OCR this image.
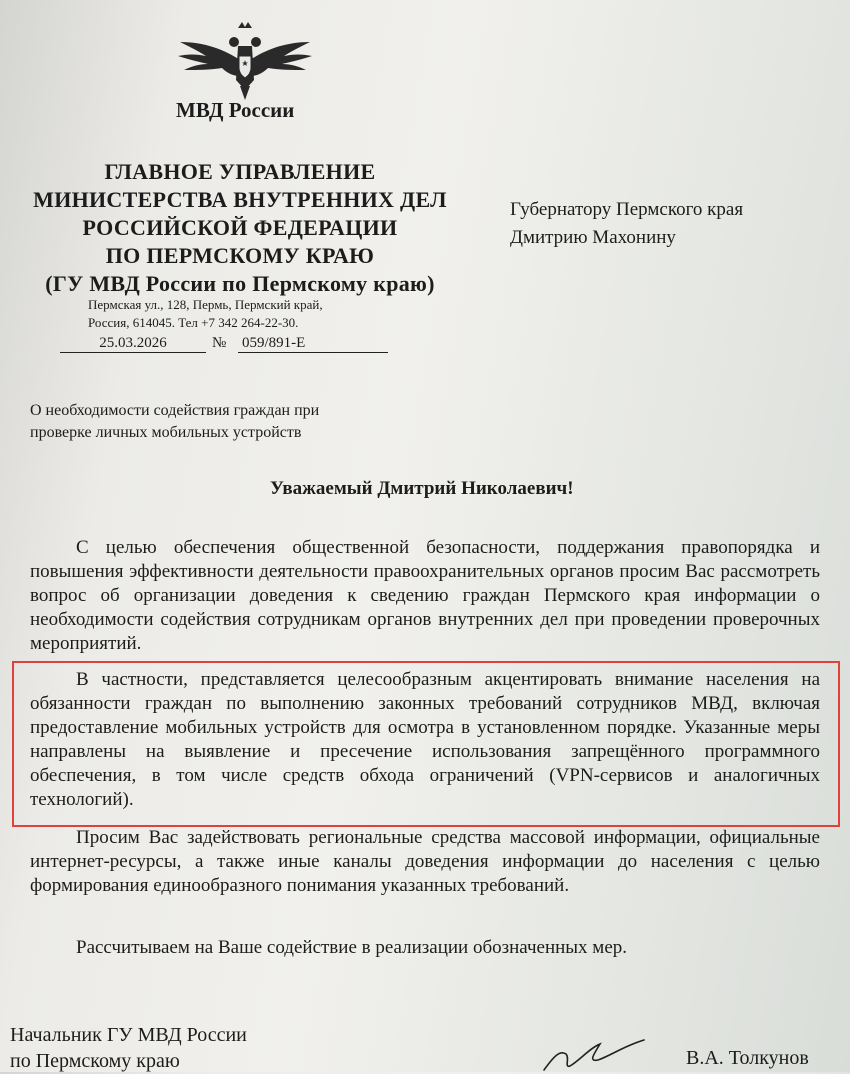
МВД России
ГЛАВНОЕ УПРАВЛЕНИЕ
МИНИСТЕРСТВА ВНУТРЕННИХ ДЕЛ
РОССИЙСКОЙ ФЕДЕРАЦИИ
ПО ПЕРМСКОМУ КРАЮ
(ГУ МВД России по Пермскому краю)
Пермская ул., 128, Пермь, Пермский край,
Россия, 614045. Тел +7 342 264-22-30.
25.03.2026	№ 059/891-Е
Губернатору Пермского края
Дмитрию Махонину
О необходимости содействия граждан при
проверке личных мобильных устройств
Уважаемый Дмитрий Николаевич!
С целью обеспечения общественной безопасности, поддержания правопорядка и повышения эффективности деятельности правоохранительных органов просим Вас рассмотреть вопрос об организации доведения к сведению граждан Пермского края информации о необходимости содействия сотрудникам органов внутренних дел при проведении проверочных мероприятий.
В частности, представляется целесообразным акцентировать внимание населения на обязанности граждан по выполнению законных требований сотрудников МВД, включая предоставление мобильных устройств для осмотра в установленном порядке. Указанные меры направлены на выявление и пресечение использования запрещённого программного обеспечения, в том числе средств обхода ограничений (VPN-сервисов и аналогичных технологий).
Просим Вас задействовать региональные средства массовой информации, официальные интернет-ресурсы, а также иные каналы доведения информации до населения с целью формирования единообразного понимания указанных требований.
Рассчитываем на Ваше содействие в реализации обозначенных мер.
Начальник ГУ МВД России
по Пермскому краю	В.А. Толкунов
